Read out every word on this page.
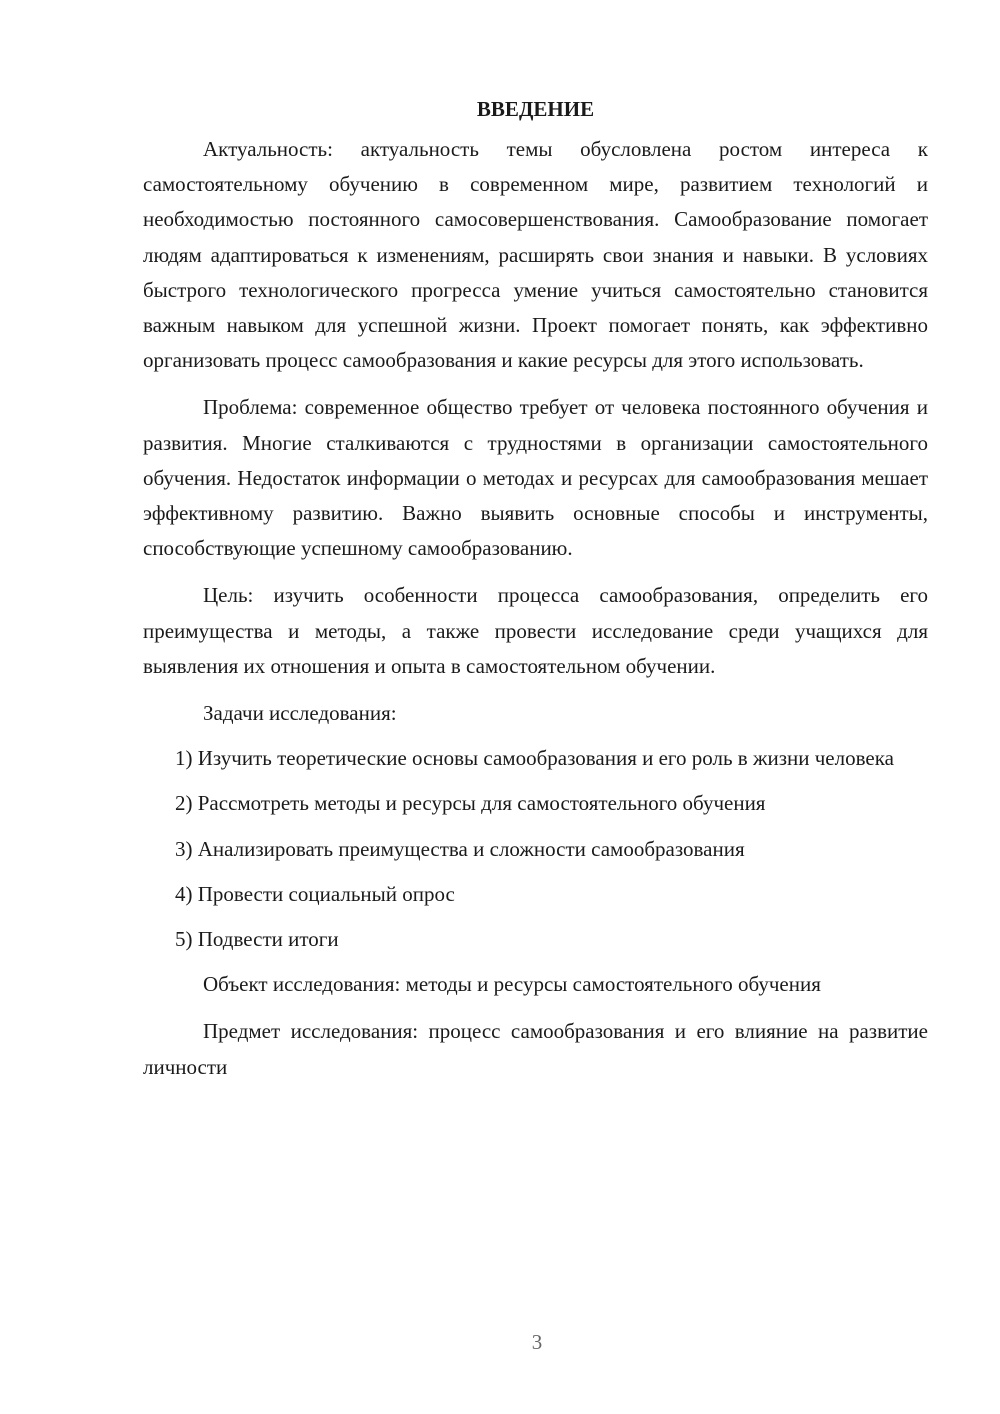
ВВЕДЕНИЕ

Актуальность: актуальность темы обусловлена ростом интереса к самостоятельному обучению в современном мире, развитием технологий и необходимостью постоянного самосовершенствования. Самообразование помогает людям адаптироваться к изменениям, расширять свои знания и навыки. В условиях быстрого технологического прогресса умение учиться самостоятельно становится важным навыком для успешной жизни. Проект помогает понять, как эффективно организовать процесс самообразования и какие ресурсы для этого использовать.

Проблема: современное общество требует от человека постоянного обучения и развития. Многие сталкиваются с трудностями в организации самостоятельного обучения. Недостаток информации о методах и ресурсах для самообразования мешает эффективному развитию. Важно выявить основные способы и инструменты, способствующие успешному самообразованию.

Цель: изучить особенности процесса самообразования, определить его преимущества и методы, а также провести исследование среди учащихся для выявления их отношения и опыта в самостоятельном обучении.

Задачи исследования:

1) Изучить теоретические основы самообразования и его роль в жизни человека

2) Рассмотреть методы и ресурсы для самостоятельного обучения

3) Анализировать преимущества и сложности самообразования

4) Провести социальный опрос

5) Подвести итоги

Объект исследования: методы и ресурсы самостоятельного обучения

Предмет исследования: процесс самообразования и его влияние на развитие личности

3
